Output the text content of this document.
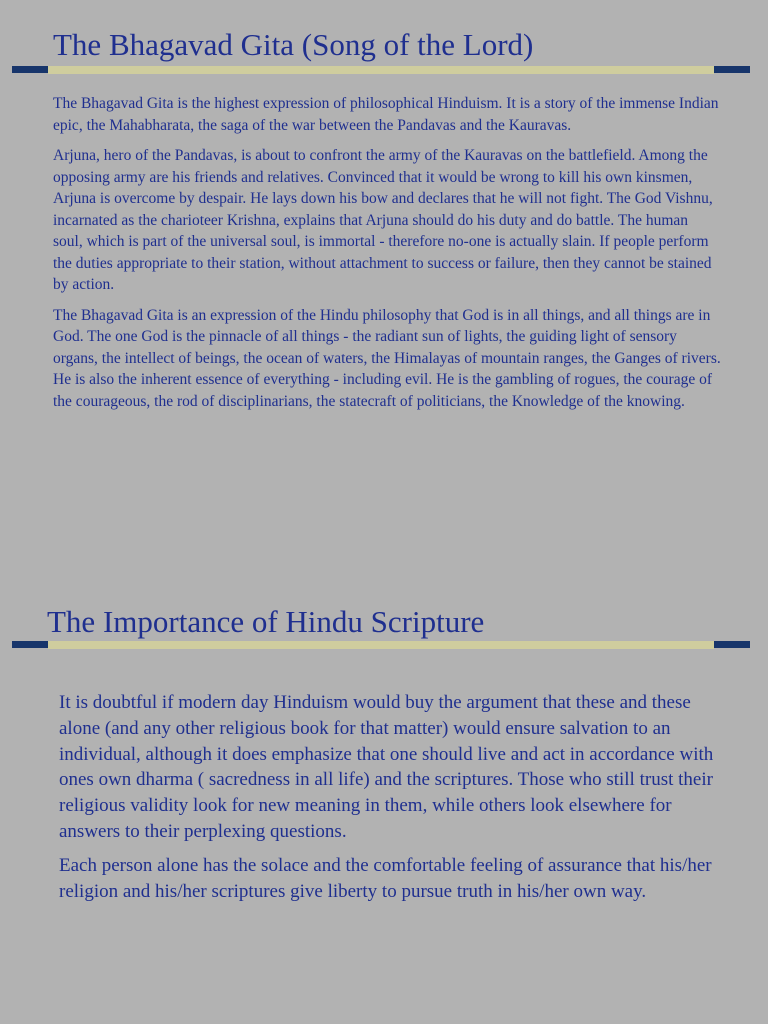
The Bhagavad Gita (Song of the Lord)

The Bhagavad Gita is the highest expression of philosophical Hinduism. It is a story of the immense Indian epic, the Mahabharata, the saga of the war between the Pandavas and the Kauravas.

Arjuna, hero of the Pandavas, is about to confront the army of the Kauravas on the battlefield. Among the opposing army are his friends and relatives. Convinced that it would be wrong to kill his own kinsmen, Arjuna is overcome by despair. He lays down his bow and declares that he will not fight. The God Vishnu, incarnated as the charioteer Krishna, explains that Arjuna should do his duty and do battle. The human soul, which is part of the universal soul, is immortal - therefore no-one is actually slain. If people perform the duties appropriate to their station, without attachment to success or failure, then they cannot be stained by action.

The Bhagavad Gita is an expression of the Hindu philosophy that God is in all things, and all things are in God. The one God is the pinnacle of all things - the radiant sun of lights, the guiding light of sensory organs, the intellect of beings, the ocean of waters, the Himalayas of mountain ranges, the Ganges of rivers. He is also the inherent essence of everything - including evil. He is the gambling of rogues, the courage of the courageous, the rod of disciplinarians, the statecraft of politicians, the Knowledge of the knowing.

The Importance of Hindu Scripture

It is doubtful if modern day Hinduism would buy the argument that these and these alone (and any other religious book for that matter) would ensure salvation to an individual, although it does emphasize that one should live and act in accordance with ones own dharma ( sacredness in all life) and the scriptures. Those who still trust their religious validity look for new meaning in them, while others look elsewhere for answers to their perplexing questions.

Each person alone has the solace and the comfortable feeling of assurance that his/her religion and his/her scriptures give liberty to pursue truth in his/her own way.
